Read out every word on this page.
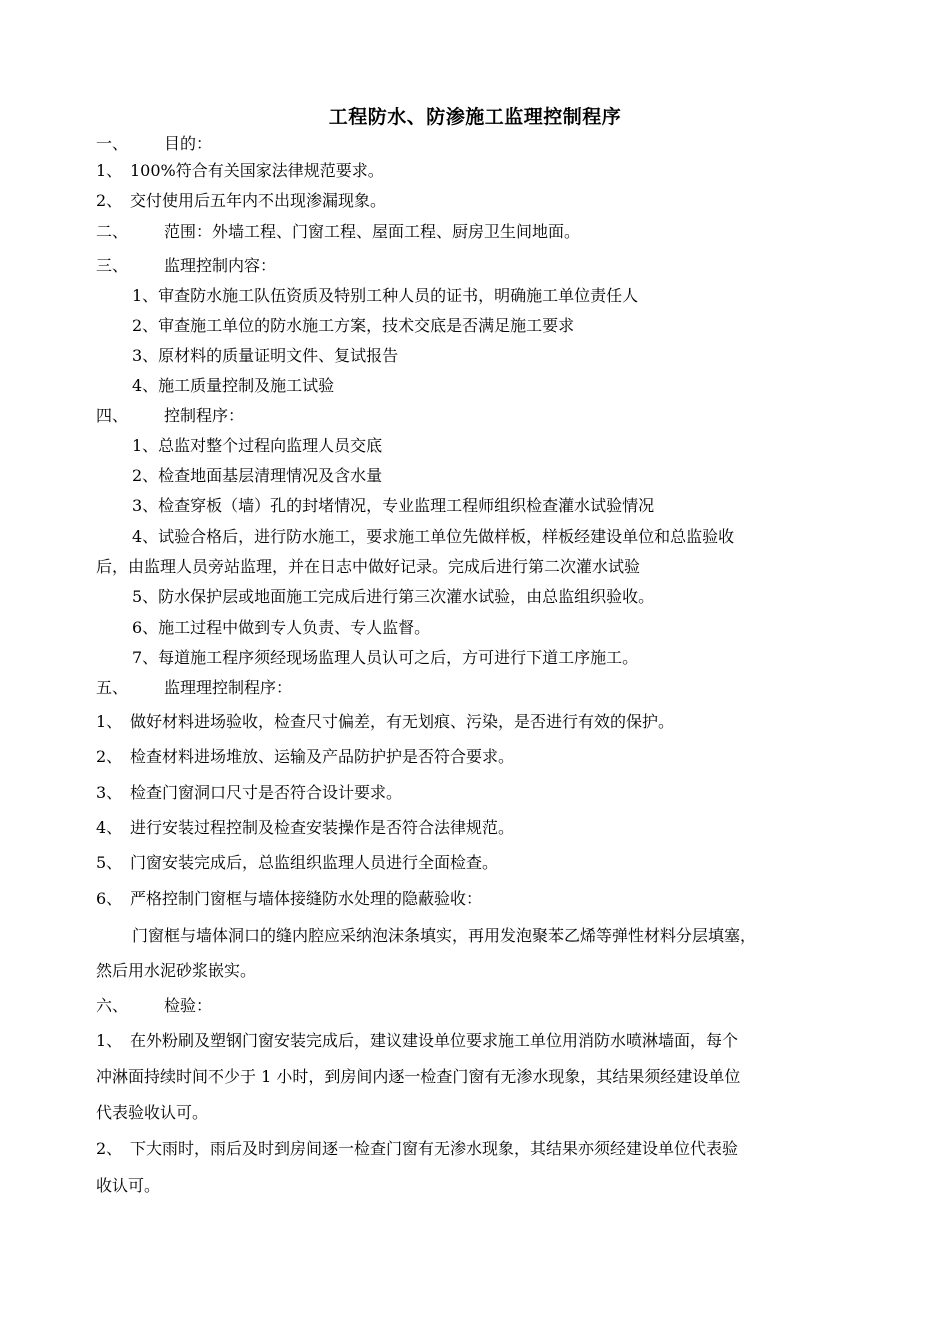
工程防水、防渗施工监理控制程序
一、 目的：
1、 100%符合有关国家法律规范要求。
2、 交付使用后五年内不出现渗漏现象。
二、 范围：外墙工程、门窗工程、屋面工程、厨房卫生间地面。
三、 监理控制内容：
1、审查防水施工队伍资质及特别工种人员的证书，明确施工单位责任人
2、审查施工单位的防水施工方案，技术交底是否满足施工要求
3、原材料的质量证明文件、复试报告
4、施工质量控制及施工试验
四、 控制程序：
1、总监对整个过程向监理人员交底
2、检查地面基层清理情况及含水量
3、检查穿板（墙）孔的封堵情况，专业监理工程师组织检查灌水试验情况
4、试验合格后，进行防水施工，要求施工单位先做样板，样板经建设单位和总监验收
后，由监理人员旁站监理，并在日志中做好记录。完成后进行第二次灌水试验
5、防水保护层或地面施工完成后进行第三次灌水试验，由总监组织验收。
6、施工过程中做到专人负责、专人监督。
7、每道施工程序须经现场监理人员认可之后，方可进行下道工序施工。
五、 监理理控制程序：
1、 做好材料进场验收，检查尺寸偏差，有无划痕、污染，是否进行有效的保护。
2、 检查材料进场堆放、运输及产品防护护是否符合要求。
3、 检查门窗洞口尺寸是否符合设计要求。
4、 进行安装过程控制及检查安装操作是否符合法律规范。
5、 门窗安装完成后，总监组织监理人员进行全面检查。
6、 严格控制门窗框与墙体接缝防水处理的隐蔽验收：
门窗框与墙体洞口的缝内腔应采纳泡沫条填实，再用发泡聚苯乙烯等弹性材料分层填塞，
然后用水泥砂浆嵌实。
六、 检验：
1、 在外粉刷及塑钢门窗安装完成后，建议建设单位要求施工单位用消防水喷淋墙面，每个
冲淋面持续时间不少于 1 小时，到房间内逐一检查门窗有无渗水现象，其结果须经建设单位
代表验收认可。
2、 下大雨时，雨后及时到房间逐一检查门窗有无渗水现象，其结果亦须经建设单位代表验
收认可。
